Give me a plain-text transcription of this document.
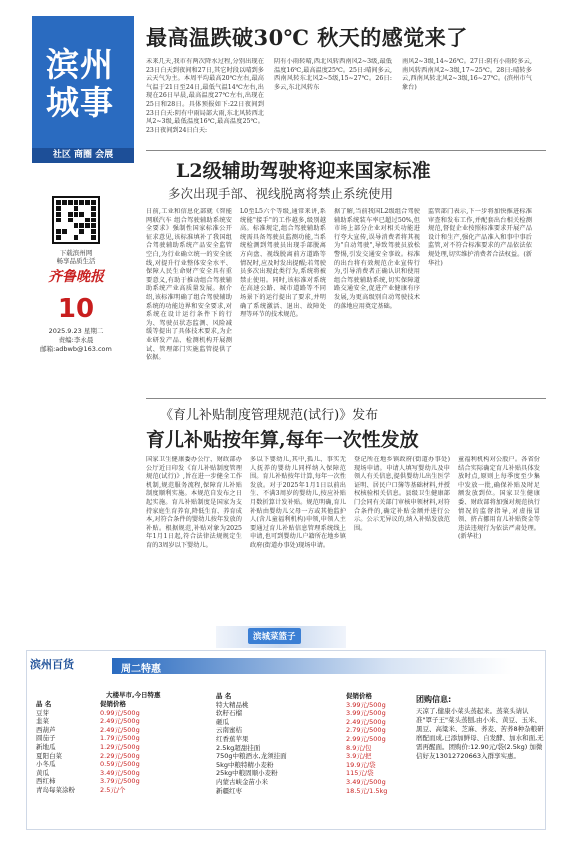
滨州城事
社区 商圈 会展
下载滨州网
畅享品质生活
齐鲁晚报
10
2025.9.23 星期二
责编:李永晨
邮箱:adbwb@163.com
最高温跌破30℃ 秋天的感觉来了
未来几天,我市有两次降水过程,分别出现在23日白天到夜间和27日,其它时段以晴到多云天气为主。本周平均最高20℃左右,最高气温于21日至24日,最低气温14℃左右,出现在26日早晨,最高温度27℃左右,出现在25日和28日。具体预报如下:22日夜间到23日白天:阴有中雨局部大雨,东北风转西北风2~3级,最低温度16℃,最高温度25℃。23日夜间到24日白天:
阴有小雨转晴,西北风转西南风2~3级,最低温度16℃,最高温度25℃。25日:晴间多云,西南风转东北风2~5级,15~27℃。26日:多云,东北风转东
南风2~3级,14~26℃。27日:阴有小雨转多云,南风转西南风2~3级,17~25℃。28日:晴转多云,西南风转北风2~3级,16~27℃。(滨州市气象台)
L2级辅助驾驶将迎来国家标准
多次出现手部、视线脱离将禁止系统使用
日前,工业和信息化部就《智能网联汽车 组合驾驶辅助系统安全要求》强制性国家标准公开征求意见,该标准填补了我国组合驾驶辅助系统产品安全监管空白,为行业确立统一的安全底线,对提升行业整体安全水平、保障人民生命财产安全具有重要意义,有助于推动组合驾驶辅助系统产业高质量发展。据介绍,该标准明确了组合驾驶辅助系统的功能边界和安全要求,对系统在设计运行条件下的行为、驾驶员状态监测、风险减缓等提出了具体技术要求,为企业研发产品、检测机构开展测试、管理部门实施监管提供了依据。
L0至L5六个等级,通常来讲,系统能"接手"的工作越多,级别越高。标准规定,组合驾驶辅助系统需具备驾驶员监测功能,当系统检测到驾驶员出现手部脱离方向盘、视线脱离前方道路等情况时,应及时发出提醒;若驾驶员多次出现此类行为,系统将被禁止使用。同时,该标准对系统在高速公路、城市道路等不同场景下的运行提出了要求,并明确了系统激活、退出、故障处理等环节的技术规范。
据了解,当前我国L2级组合驾驶辅助系统装车率已超过50%,但市场上部分企业对相关功能进行夸大宣传,误导消费者将其视为"自动驾驶",导致驾驶员放松警惕,引发交通安全事故。标准的出台将有效规范企业宣传行为,引导消费者正确认识和使用组合驾驶辅助系统,切实保障道路交通安全,促进产业健康有序发展,为更高级别自动驾驶技术的落地应用奠定基础。
监管部门表示,下一步将加快推进标准审查和发布工作,并配套出台相关检测规范,督促企业按照标准要求开展产品设计和生产,强化产品准入和事中事后监管,对不符合标准要求的产品依法依规处理,切实维护消费者合法权益。(新华社)
《育儿补贴制度管理规范(试行)》发布
育儿补贴按年算,每年一次性发放
国家卫生健康委办公厅、财政部办公厅近日印发《育儿补贴制度管理规范(试行)》,旨在进一步健全工作机制,规范服务流程,保障育儿补贴制度顺利实施。本规范自发布之日起实施。育儿补贴制度是国家为支持家庭生育养育,降低生育、养育成本,对符合条件的婴幼儿按年发放的补贴。根据规范,补贴对象为2025年1月1日起,符合法律法规规定生育的3周岁以下婴幼儿。
多以下婴幼儿,其中,孤儿、事实无人抚养的婴幼儿同样纳入保障范围。育儿补贴按年计算,每年一次性发放。对于2025年1月1日以前出生、不满3周岁的婴幼儿,按应补贴月数折算计发补贴。规范明确,育儿补贴由婴幼儿父母一方或其他监护人(含儿童福利机构)申领,申领人主要通过育儿补贴信息管理系统线上申请,也可到婴幼儿户籍所在地乡镇政府(街道办事处)现场申请。
登记所在地乡镇政府(街道办事处)现场申请。申请人填写婴幼儿及申领人有关信息,提供婴幼儿出生医学证明、居民户口簿等基础材料,并授权核验相关信息。县级卫生健康部门会同有关部门审核申领材料,对符合条件的,确定补贴金额并进行公示。公示无异议的,纳入补贴发放范围。
童福利机构对公股户。各省份结合实际确定育儿补贴具体发放时点,原则上每季度至少集中发放一批,确保补贴及时足额发放到位。国家卫生健康委、财政部将加强对规范执行情况的监督指导,对虚报冒领、挤占挪用育儿补贴资金等违法违规行为依法严肃处理。(新华社)
滨城菜篮子
滨州百货	周二特惠
大楼早市,今日特惠
品 名	促销价格
豆芽	0.99元/500g
韭菜	2.49元/500g
西葫芦	2.49元/500g
圆茄子	1.79元/500g
新地瓜	1.29元/500g
夏阳白菜	2.29元/500g
小冬瓜	0.59元/500g
黄瓜	3.49元/500g
西红柿	3.79元/500g
青岛每菜涂粉	2.5元/个
品 名	促销价格
特大精品桃	3.99元/500g
软籽石榴	3.99元/500g
砸瓜	2.49元/500g
云南蜜桔	2.79元/500g
红香蕉苹果	2.99元/500g
2.5kg超甜挂面	8.9元/包
750g中粮酒水,龙须挂面	3.9元/把
5kg中粮特精小麦粉	19.9元/袋
25kg中粮固顺小麦粉	115元/袋
内蒙古峡金苗小米	3.49元/500g
新疆红枣	18.5元/1.5kg
团购信息:
天凉了,健康小菜头蒸起来。蒸菜头请认准"罩子王"菜头蒸刨,由小米、黄豆、玉米、黑豆、高粱米、芝麻、荞麦、苦荞8种杂粮研磨配而成,已添加鲜母、自发酵、加水和面,无需再醒面。团购价:12.90元/袋(2.5kg) 加微信好友13012720663入群享实惠。
